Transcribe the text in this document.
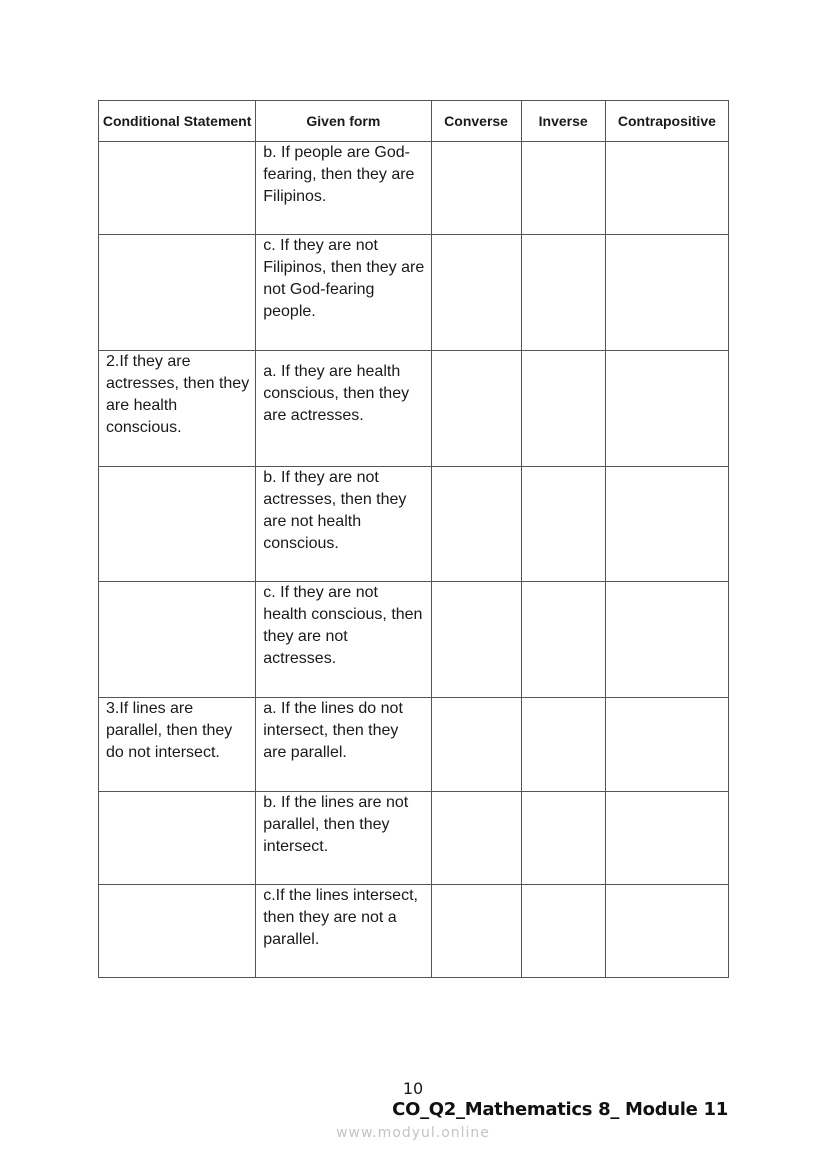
Conditional Statement	Given form	Converse	Inverse	Contrapositive

	b. If people are God-fearing, then they are Filipinos.			

	c. If they are not Filipinos, then they are not God-fearing people.			

2.If they are actresses, then they are health conscious.	a. If they are health conscious, then they are actresses.			

	b. If they are not actresses, then they are not health conscious.			

	c. If they are not health conscious, then they are not actresses.			

3.If lines are parallel, then they do not intersect.	a. If the lines do not intersect, then they are parallel.			

	b. If the lines are not parallel, then they intersect.			

	c.If the lines intersect, then they are not a parallel.			

10
CO_Q2_Mathematics 8_ Module 11
www.modyul.online
